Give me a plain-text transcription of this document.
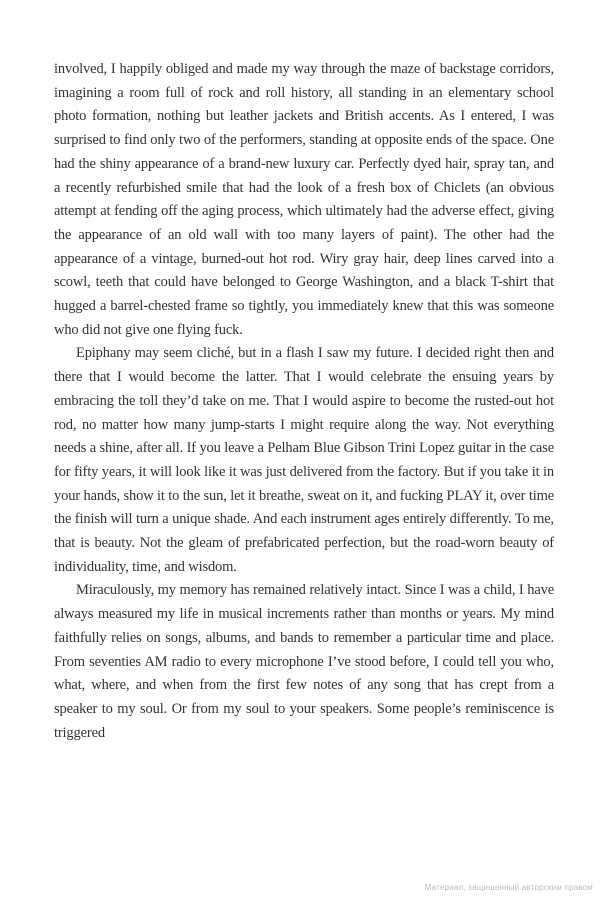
involved, I happily obliged and made my way through the maze of backstage corridors, imagining a room full of rock and roll history, all standing in an elementary school photo formation, nothing but leather jackets and British accents. As I entered, I was surprised to find only two of the performers, standing at opposite ends of the space. One had the shiny appearance of a brand-new luxury car. Perfectly dyed hair, spray tan, and a recently refurbished smile that had the look of a fresh box of Chiclets (an obvious attempt at fending off the aging process, which ultimately had the adverse effect, giving the appearance of an old wall with too many layers of paint). The other had the appearance of a vintage, burned-out hot rod. Wiry gray hair, deep lines carved into a scowl, teeth that could have belonged to George Washington, and a black T-shirt that hugged a barrel-chested frame so tightly, you immediately knew that this was someone who did not give one flying fuck.

Epiphany may seem cliché, but in a flash I saw my future. I decided right then and there that I would become the latter. That I would celebrate the ensuing years by embracing the toll they’d take on me. That I would aspire to become the rusted-out hot rod, no matter how many jump-starts I might require along the way. Not everything needs a shine, after all. If you leave a Pelham Blue Gibson Trini Lopez guitar in the case for fifty years, it will look like it was just delivered from the factory. But if you take it in your hands, show it to the sun, let it breathe, sweat on it, and fucking PLAY it, over time the finish will turn a unique shade. And each instrument ages entirely differently. To me, that is beauty. Not the gleam of prefabricated perfection, but the road-worn beauty of individuality, time, and wisdom.

Miraculously, my memory has remained relatively intact. Since I was a child, I have always measured my life in musical increments rather than months or years. My mind faithfully relies on songs, albums, and bands to remember a particular time and place. From seventies AM radio to every microphone I’ve stood before, I could tell you who, what, where, and when from the first few notes of any song that has crept from a speaker to my soul. Or from my soul to your speakers. Some people’s reminiscence is triggered

Материал, защищенный авторским правом
